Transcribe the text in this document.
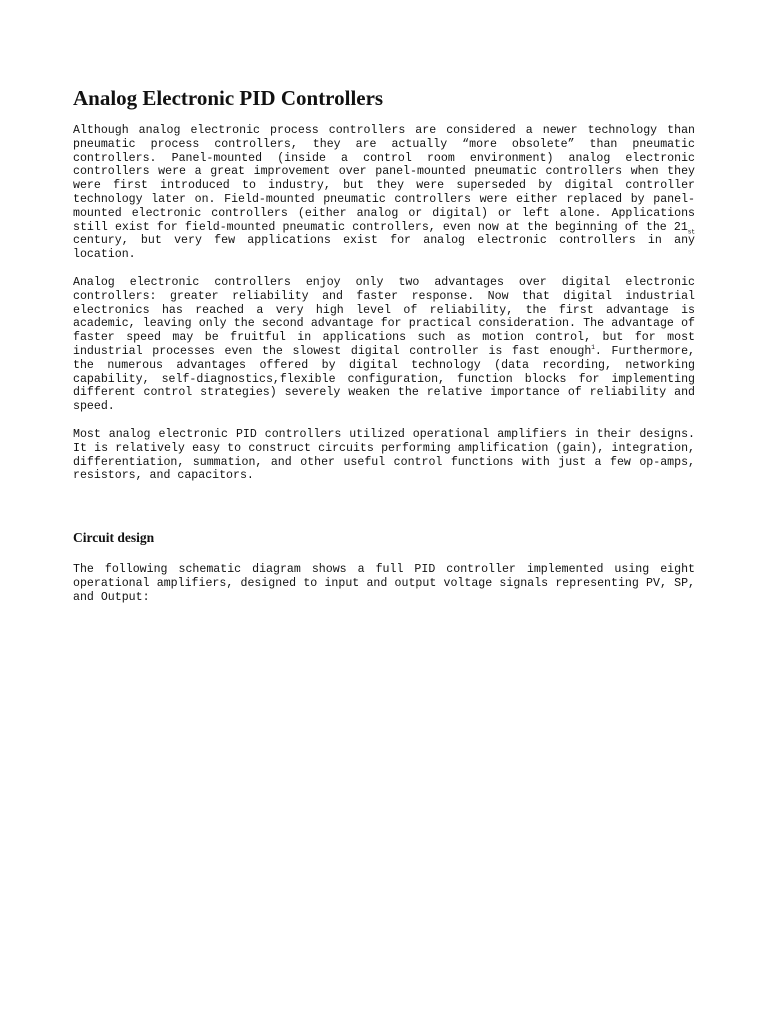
Analog Electronic PID Controllers

Although analog electronic process controllers are considered a newer technology than pneumatic process controllers, they are actually “more obsolete” than pneumatic controllers. Panel-mounted (inside a control room environment) analog electronic controllers were a great improvement over panel-mounted pneumatic controllers when they were first introduced to industry, but they were superseded by digital controller technology later on. Field-mounted pneumatic controllers were either replaced by panel-mounted electronic controllers (either analog or digital) or left alone. Applications still exist for field-mounted pneumatic controllers, even now at the beginning of the $21_{st}$ century, but very few applications exist for analog electronic controllers in any location.

Analog electronic controllers enjoy only two advantages over digital electronic controllers: greater reliability and faster response. Now that digital industrial electronics has reached a very high level of reliability, the first advantage is academic, leaving only the second advantage for practical consideration. The advantage of faster speed may be fruitful in applications such as motion control, but for most industrial processes even the slowest digital controller is fast enough$^1$. Furthermore, the numerous advantages offered by digital technology (data recording, networking capability, self-diagnostics,flexible configuration, function blocks for implementing different control strategies) severely weaken the relative importance of reliability and speed.

Most analog electronic PID controllers utilized operational amplifiers in their designs. It is relatively easy to construct circuits performing amplification (gain), integration, differentiation, summation, and other useful control functions with just a few op-amps, resistors, and capacitors.

Circuit design

The following schematic diagram shows a full PID controller implemented using eight operational amplifiers, designed to input and output voltage signals representing PV, SP, and Output:
